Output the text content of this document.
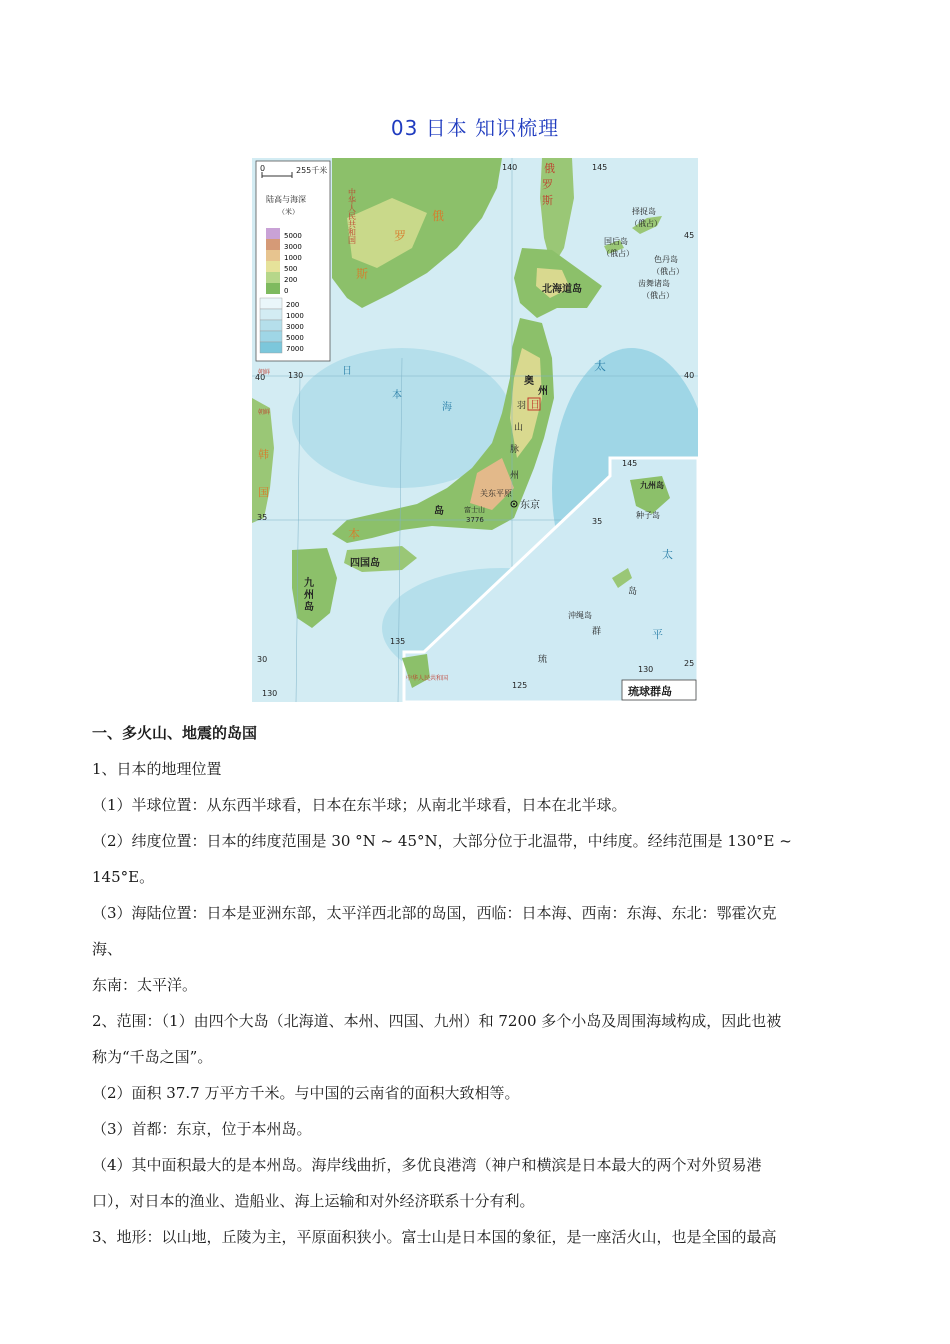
03 日本 知识梳理
0	255千米
陆高与海深
（米）
5000
3000
1000
500
200
0
200
1000
3000
5000
7000
40	40
35
30
45
130
130
135
140	145
俄
罗
斯
中华人民共和国
俄
罗
斯
北海道岛
择捉岛
（俄占）
国后岛
（俄占）
色丹岛
（俄占）
齿舞诸岛
（俄占）
奥
州
羽
山
脉
日
州
日
本
海
太
关东平原
富士山
3776
东京
岛
本
四国岛
九
州
岛
朝鲜
朝鲜
韩
国
九州岛
种子岛
沖绳岛
太
平
琉
群
岛
中华人民共和国
130
125
25
35
145
琉球群岛
一、多火山、地震的岛国
1、日本的地理位置
（1）半球位置：从东西半球看，日本在东半球；从南北半球看，日本在北半球。
（2）纬度位置：日本的纬度范围是 30 °N ~ 45°N，大部分位于北温带，中纬度。经纬范围是 130°E ~
145°E。
（3）海陆位置：日本是亚洲东部，太平洋西北部的岛国，西临：日本海、西南：东海、东北：鄂霍次克
海、
东南：太平洋。
2、范围：（1）由四个大岛（北海道、本州、四国、九州）和 7200 多个小岛及周围海域构成，因此也被
称为“千岛之国”。
（2）面积 37.7 万平方千米。与中国的云南省的面积大致相等。
（3）首都：东京，位于本州岛。
（4）其中面积最大的是本州岛。海岸线曲折，多优良港湾（神户和横滨是日本最大的两个对外贸易港
口），对日本的渔业、造船业、海上运输和对外经济联系十分有利。
3、地形：以山地，丘陵为主，平原面积狭小。富士山是日本国的象征，是一座活火山，也是全国的最高
